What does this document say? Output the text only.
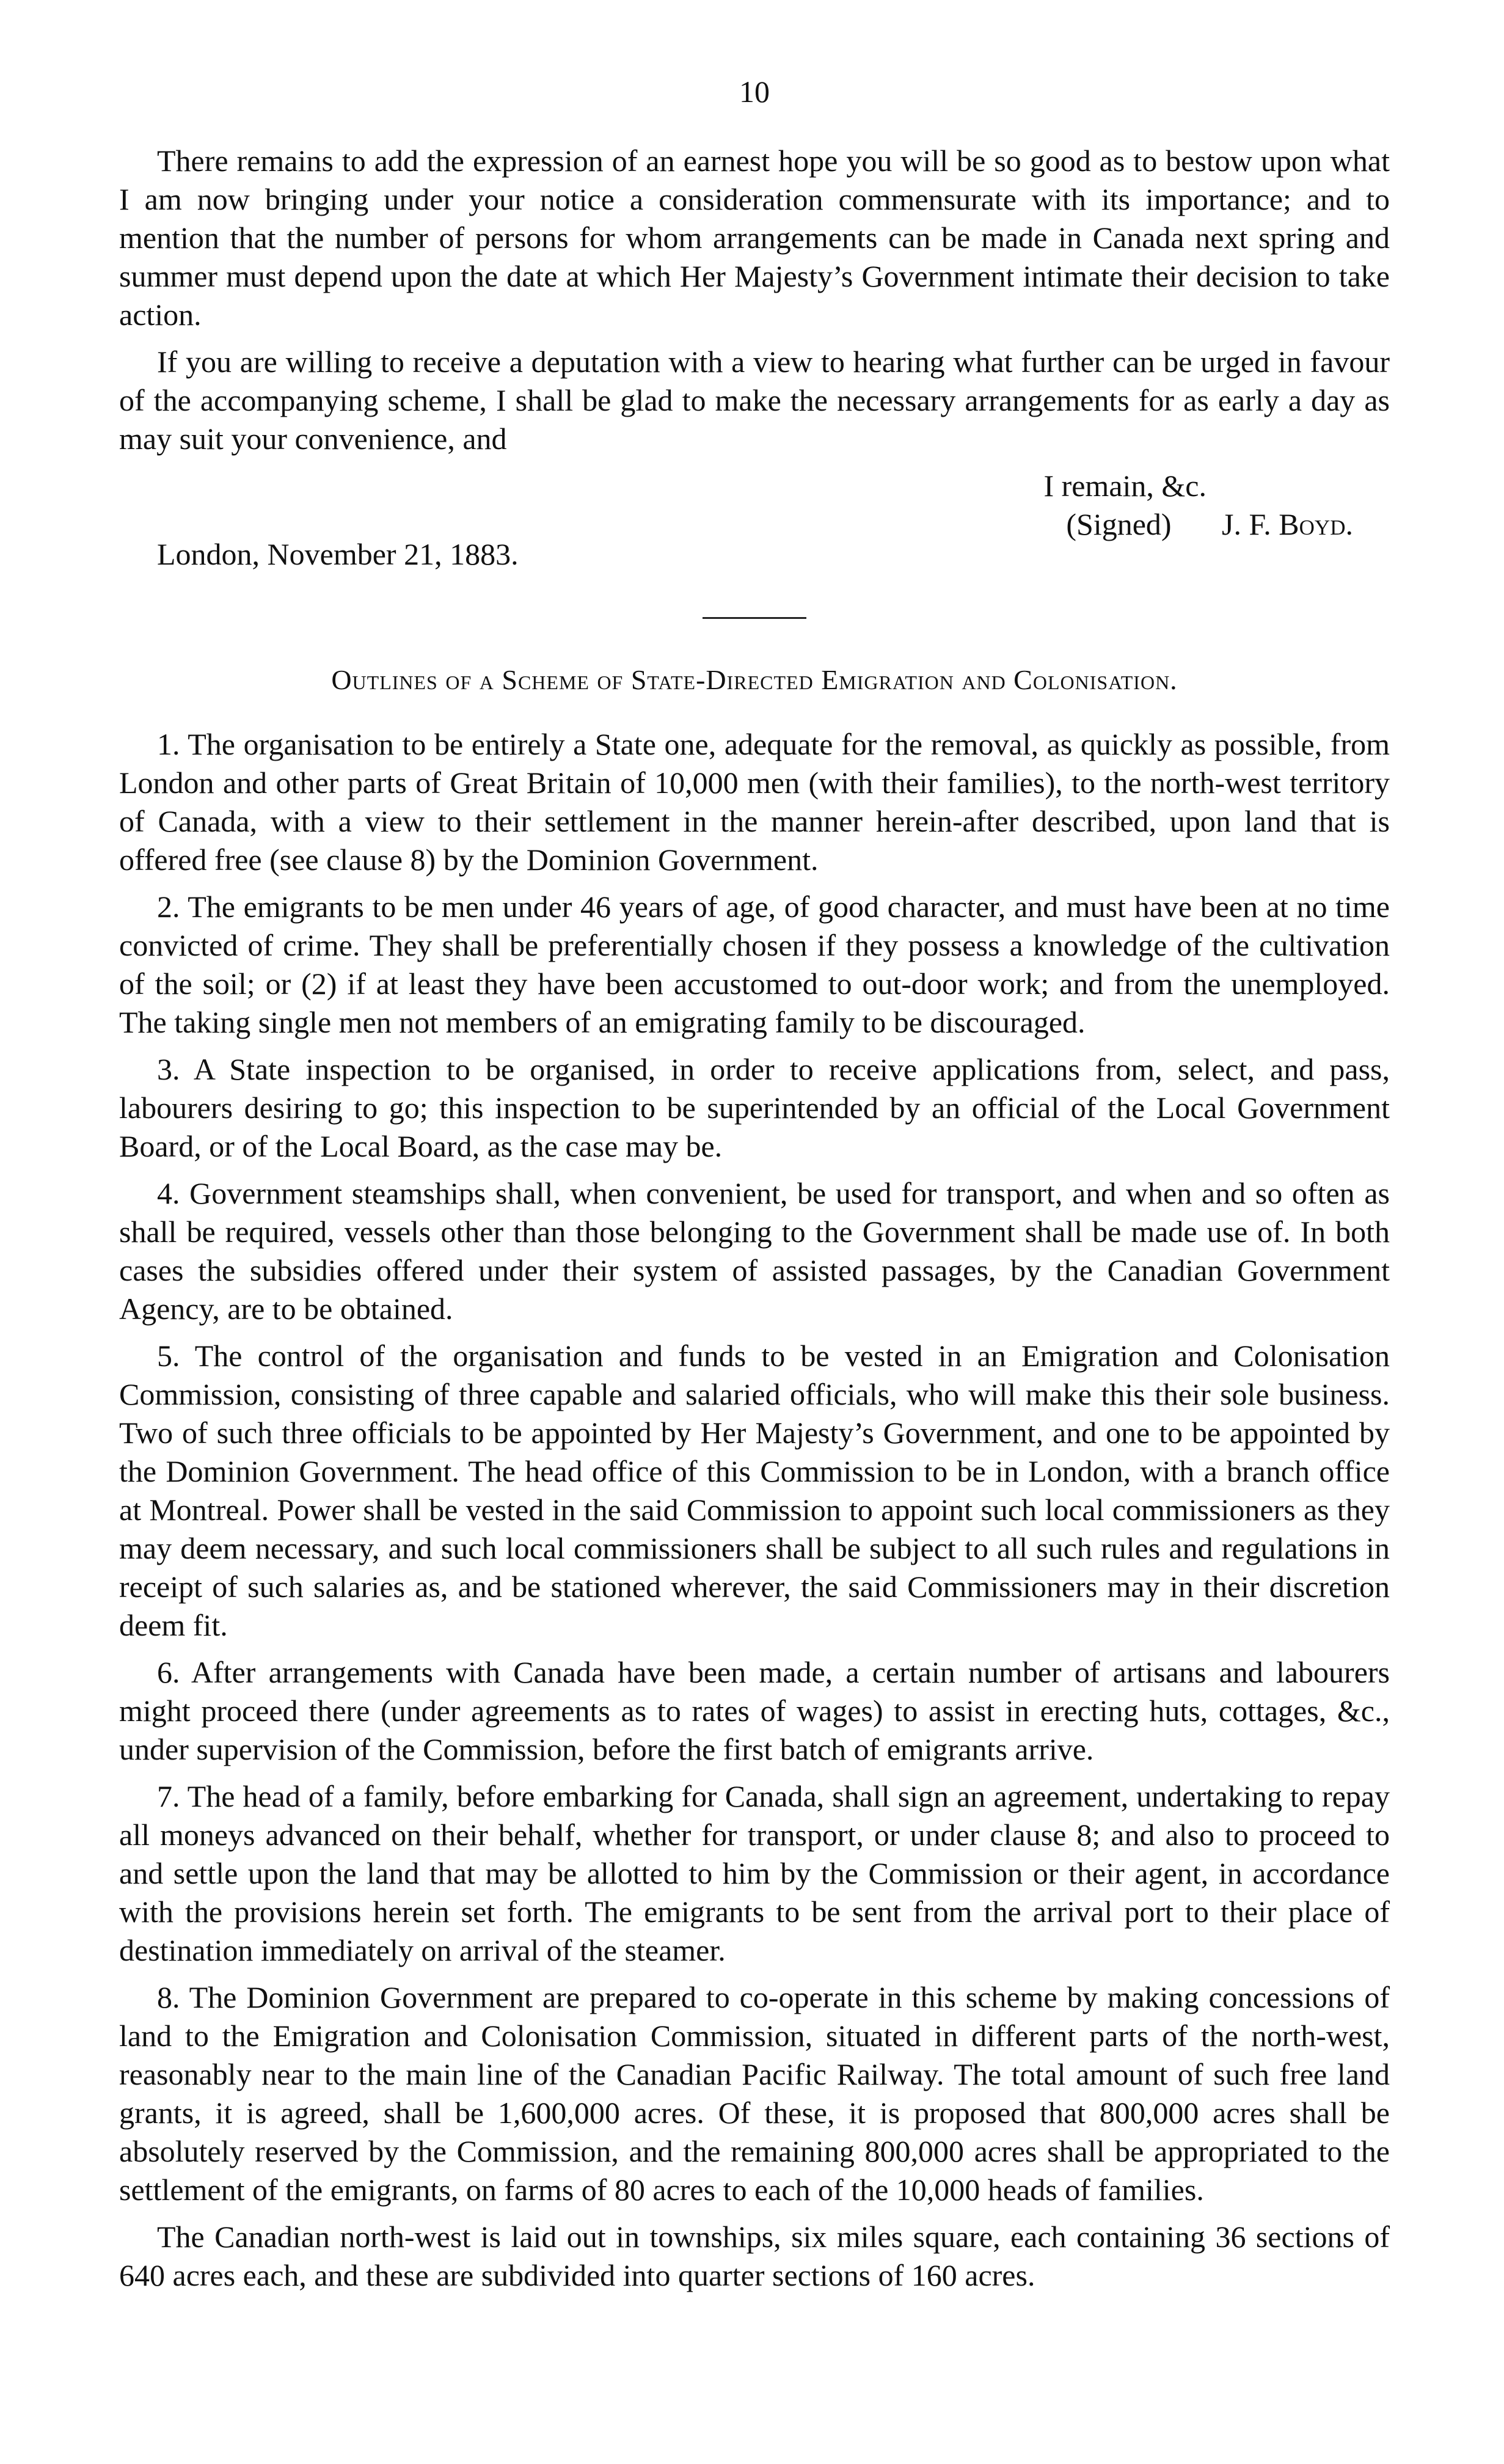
10

There remains to add the expression of an earnest hope you will be so good as to bestow upon what I am now bringing under your notice a consideration commensurate with its importance; and to mention that the number of persons for whom arrangements can be made in Canada next spring and summer must depend upon the date at which Her Majesty’s Government intimate their decision to take action.

If you are willing to receive a deputation with a view to hearing what further can be urged in favour of the accompanying scheme, I shall be glad to make the necessary arrangements for as early a day as may suit your convenience, and

I remain, &c.
(Signed) J. F. Boyd.
London, November 21, 1883.
Outlines of a Scheme of State-Directed Emigration and Colonisation.

1. The organisation to be entirely a State one, adequate for the removal, as quickly as possible, from London and other parts of Great Britain of 10,000 men (with their families), to the north-west territory of Canada, with a view to their settlement in the manner herein-after described, upon land that is offered free (see clause 8) by the Dominion Government.

2. The emigrants to be men under 46 years of age, of good character, and must have been at no time convicted of crime. They shall be preferentially chosen if they possess a knowledge of the cultivation of the soil; or (2) if at least they have been accustomed to out-door work; and from the unemployed. The taking single men not members of an emigrating family to be discouraged.

3. A State inspection to be organised, in order to receive applications from, select, and pass, labourers desiring to go; this inspection to be superintended by an official of the Local Government Board, or of the Local Board, as the case may be.

4. Government steamships shall, when convenient, be used for transport, and when and so often as shall be required, vessels other than those belonging to the Government shall be made use of. In both cases the subsidies offered under their system of assisted passages, by the Canadian Government Agency, are to be obtained.

5. The control of the organisation and funds to be vested in an Emigration and Colonisation Commission, consisting of three capable and salaried officials, who will make this their sole business. Two of such three officials to be appointed by Her Majesty’s Government, and one to be appointed by the Dominion Government. The head office of this Commission to be in London, with a branch office at Montreal. Power shall be vested in the said Commission to appoint such local commissioners as they may deem necessary, and such local commissioners shall be subject to all such rules and regulations in receipt of such salaries as, and be stationed wherever, the said Commissioners may in their discretion deem fit.

6. After arrangements with Canada have been made, a certain number of artisans and labourers might proceed there (under agreements as to rates of wages) to assist in erecting huts, cottages, &c., under supervision of the Commission, before the first batch of emigrants arrive.

7. The head of a family, before embarking for Canada, shall sign an agreement, undertaking to repay all moneys advanced on their behalf, whether for transport, or under clause 8; and also to proceed to and settle upon the land that may be allotted to him by the Commission or their agent, in accordance with the provisions herein set forth. The emigrants to be sent from the arrival port to their place of destination immediately on arrival of the steamer.

8. The Dominion Government are prepared to co-operate in this scheme by making concessions of land to the Emigration and Colonisation Commission, situated in different parts of the north-west, reasonably near to the main line of the Canadian Pacific Railway. The total amount of such free land grants, it is agreed, shall be 1,600,000 acres. Of these, it is proposed that 800,000 acres shall be absolutely reserved by the Commission, and the remaining 800,000 acres shall be appropriated to the settlement of the emigrants, on farms of 80 acres to each of the 10,000 heads of families.

The Canadian north-west is laid out in townships, six miles square, each containing 36 sections of 640 acres each, and these are subdivided into quarter sections of 160 acres.
